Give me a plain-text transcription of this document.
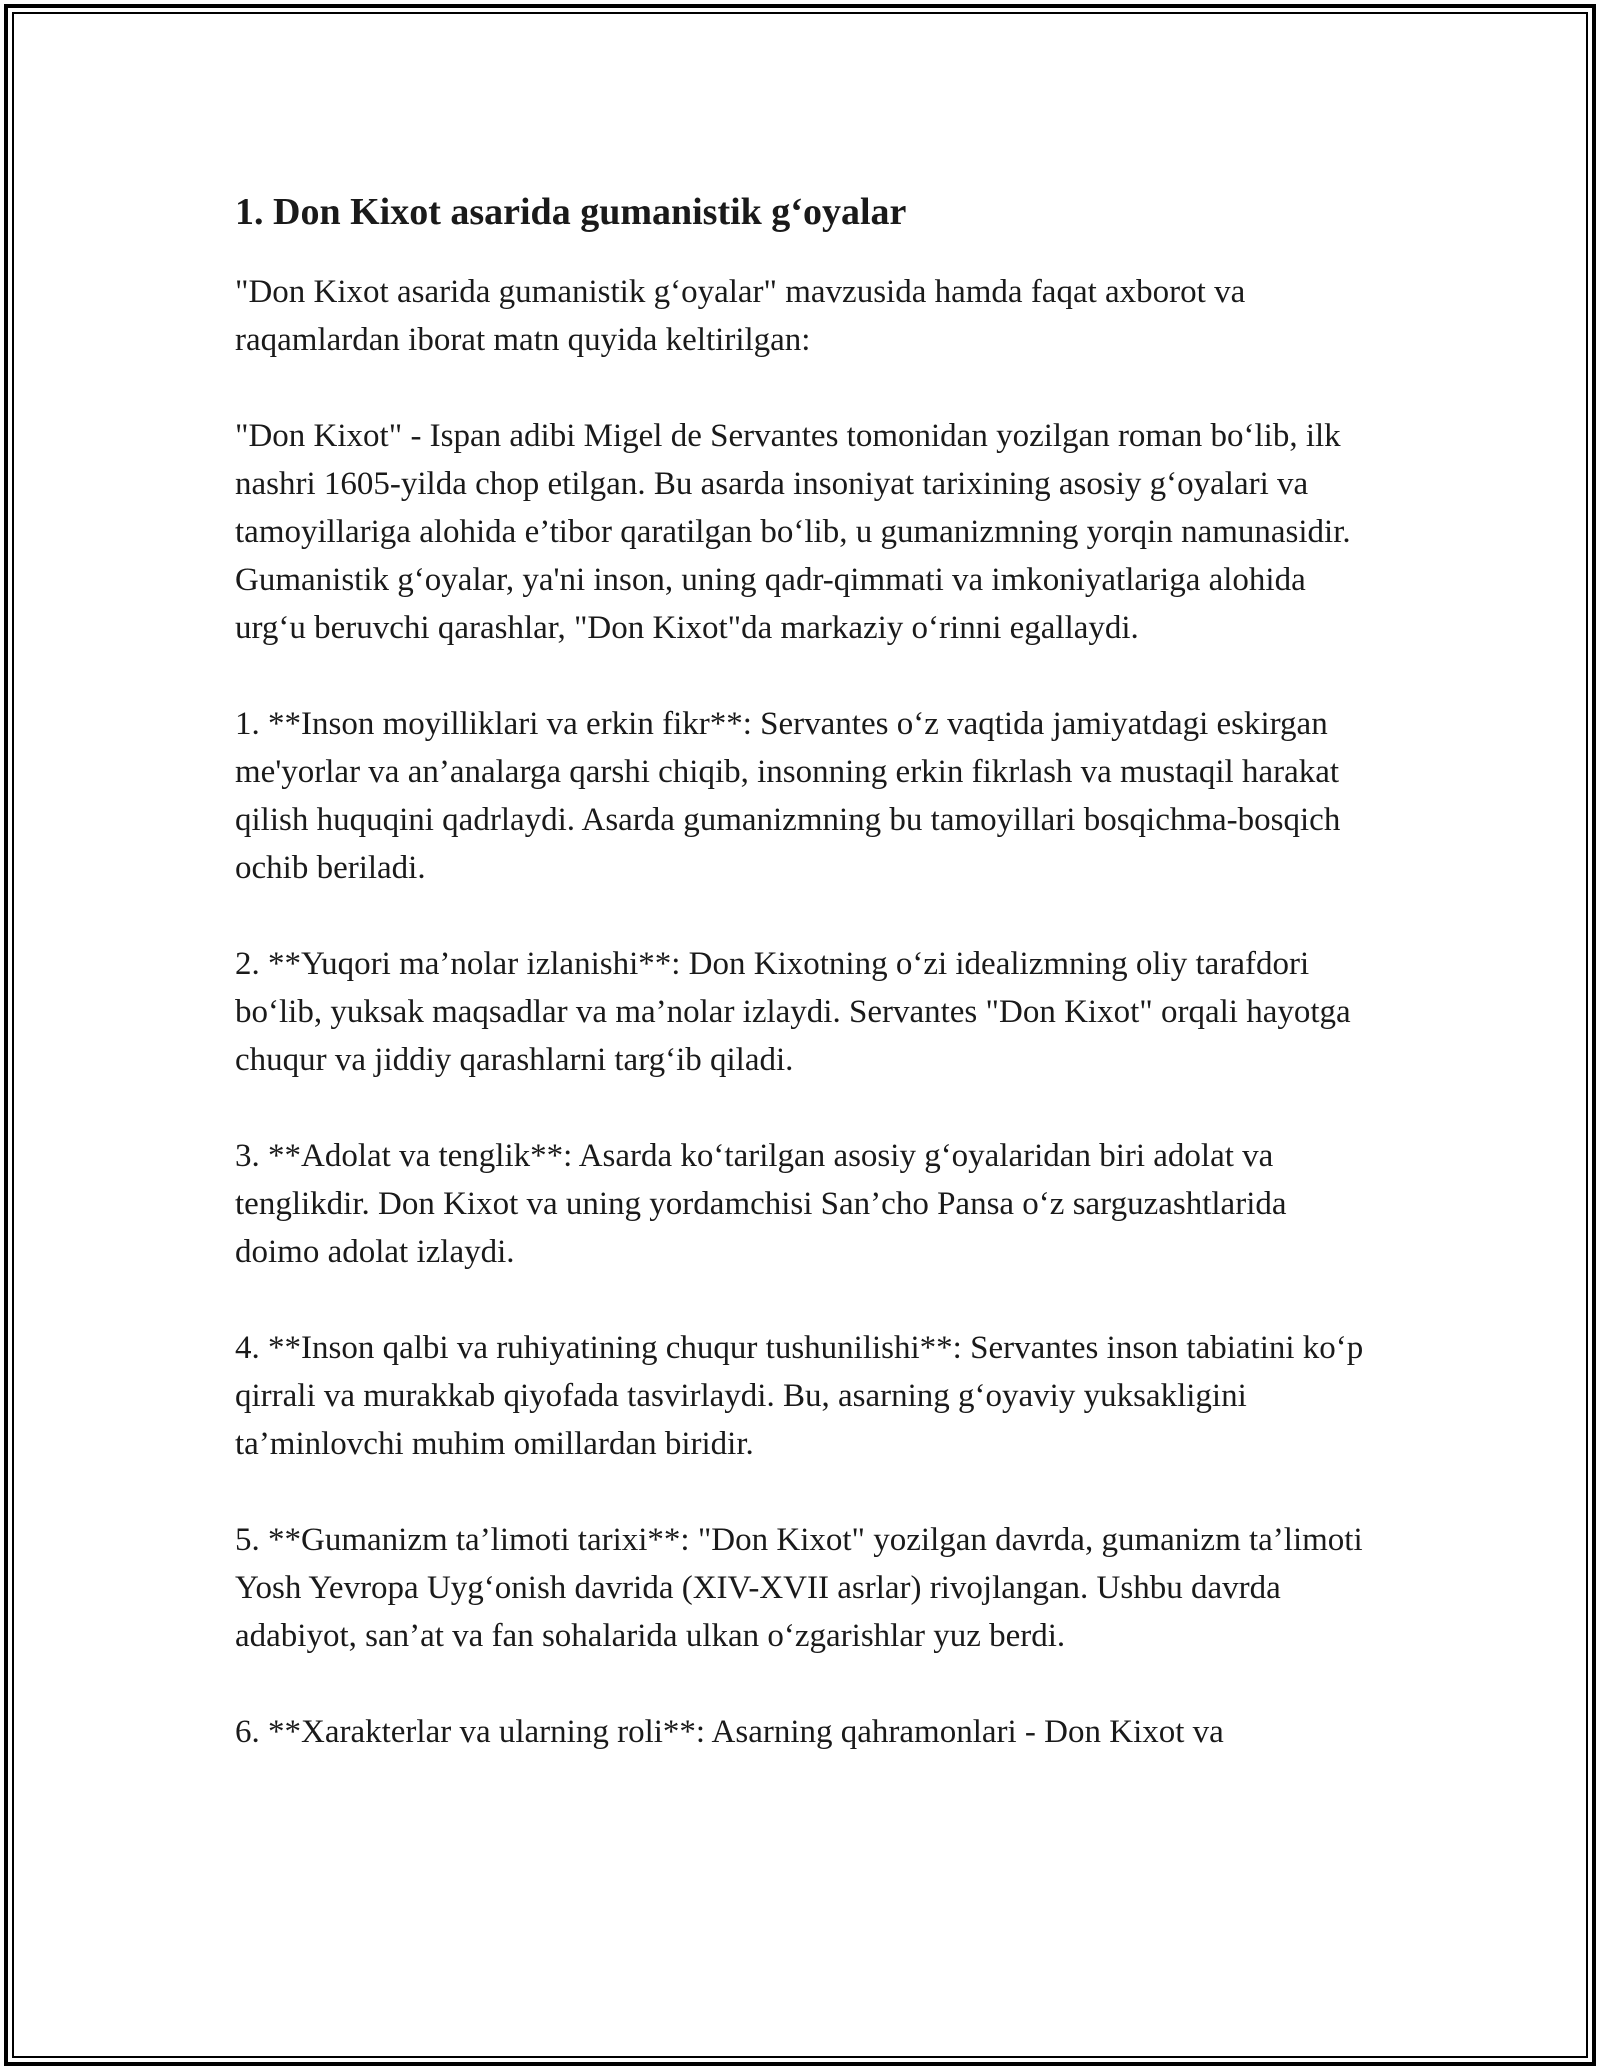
1. Don Kixot asarida gumanistik g‘oyalar

"Don Kixot asarida gumanistik g‘oyalar" mavzusida hamda faqat axborot va raqamlardan iborat matn quyida keltirilgan:

"Don Kixot" - Ispan adibi Migel de Servantes tomonidan yozilgan roman bo‘lib, ilk nashri 1605-yilda chop etilgan. Bu asarda insoniyat tarixining asosiy g‘oyalari va tamoyillariga alohida e’tibor qaratilgan bo‘lib, u gumanizmning yorqin namunasidir. Gumanistik g‘oyalar, ya'ni inson, uning qadr-qimmati va imkoniyatlariga alohida urg‘u beruvchi qarashlar, "Don Kixot"da markaziy o‘rinni egallaydi.

1. **Inson moyilliklari va erkin fikr**: Servantes o‘z vaqtida jamiyatdagi eskirgan me'yorlar va an’analarga qarshi chiqib, insonning erkin fikrlash va mustaqil harakat qilish huquqini qadrlaydi. Asarda gumanizmning bu tamoyillari bosqichma-bosqich ochib beriladi.

2. **Yuqori ma’nolar izlanishi**: Don Kixotning o‘zi idealizmning oliy tarafdori bo‘lib, yuksak maqsadlar va ma’nolar izlaydi. Servantes "Don Kixot" orqali hayotga chuqur va jiddiy qarashlarni targ‘ib qiladi.

3. **Adolat va tenglik**: Asarda ko‘tarilgan asosiy g‘oyalaridan biri adolat va tenglikdir. Don Kixot va uning yordamchisi San’cho Pansa o‘z sarguzashtlarida doimo adolat izlaydi.

4. **Inson qalbi va ruhiyatining chuqur tushunilishi**: Servantes inson tabiatini ko‘p qirrali va murakkab qiyofada tasvirlaydi. Bu, asarning g‘oyaviy yuksakligini ta’minlovchi muhim omillardan biridir.

5. **Gumanizm ta’limoti tarixi**: "Don Kixot" yozilgan davrda, gumanizm ta’limoti Yosh Yevropa Uyg‘onish davrida (XIV-XVII asrlar) rivojlangan. Ushbu davrda adabiyot, san’at va fan sohalarida ulkan o‘zgarishlar yuz berdi.

6. **Xarakterlar va ularning roli**: Asarning qahramonlari - Don Kixot va
